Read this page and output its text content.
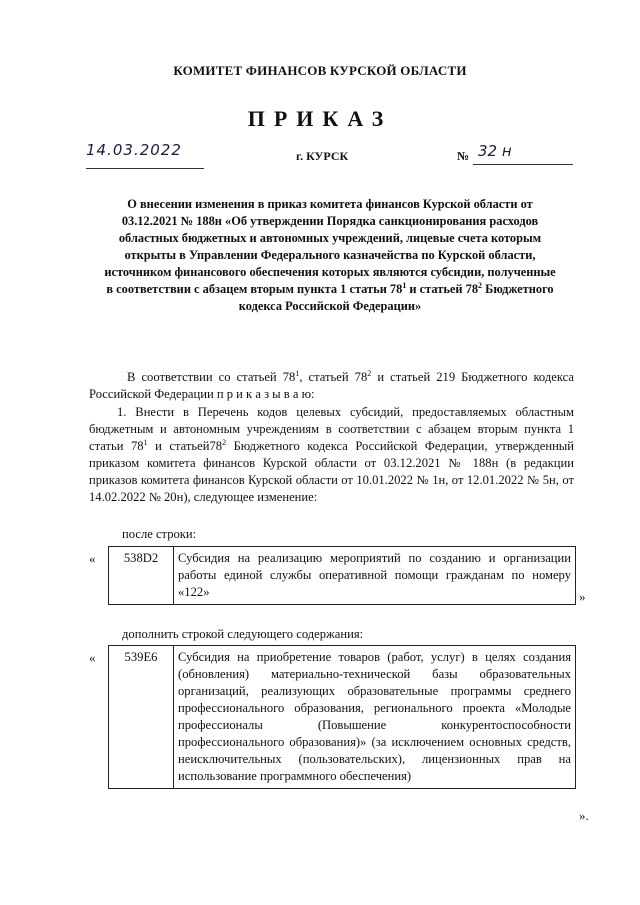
КОМИТЕТ ФИНАНСОВ КУРСКОЙ ОБЛАСТИ
ПРИКАЗ
14.03.2022	г. КУРСК	№ 32 н
О внесении изменения в приказ комитета финансов Курской области от 03.12.2021 № 188н «Об утверждении Порядка санкционирования расходов областных бюджетных и автономных учреждений, лицевые счета которым открыты в Управлении Федерального казначейства по Курской области, источником финансового обеспечения которых являются субсидии, полученные в соответствии с абзацем вторым пункта 1 статьи $78^1$ и статьей $78^2$ Бюджетного кодекса Российской Федерации»
В соответствии со статьей $78^1$, статьей $78^2$ и статьей 219 Бюджетного кодекса Российской Федерации п р и к а з ы в а ю:
1. Внести в Перечень кодов целевых субсидий, предоставляемых областным бюджетным и автономным учреждениям в соответствии с абзацем вторым пункта 1 статьи $78^1$ и $статьей78^2$ Бюджетного кодекса Российской Федерации, утвержденный приказом комитета финансов Курской области от 03.12.2021 № 188н (в редакции приказов комитета финансов Курской области от 10.01.2022 № 1н, от 12.01.2022 № 5н, от 14.02.2022 № 20н), следующее изменение:
после строки:
« 538D2	Субсидия на реализацию мероприятий по созданию и организации работы единой службы оперативной помощи гражданам по номеру «122»	»
дополнить строкой следующего содержания:
« 539E6	Субсидия на приобретение товаров (работ, услуг) в целях создания (обновления) материально-технической базы образовательных организаций, реализующих образовательные программы среднего профессионального образования, регионального проекта «Молодые профессионалы (Повышение конкурентоспособности профессионального образования)» (за исключением основных средств, неисключительных (пользовательских), лицензионных прав на использование программного обеспечения)
».
